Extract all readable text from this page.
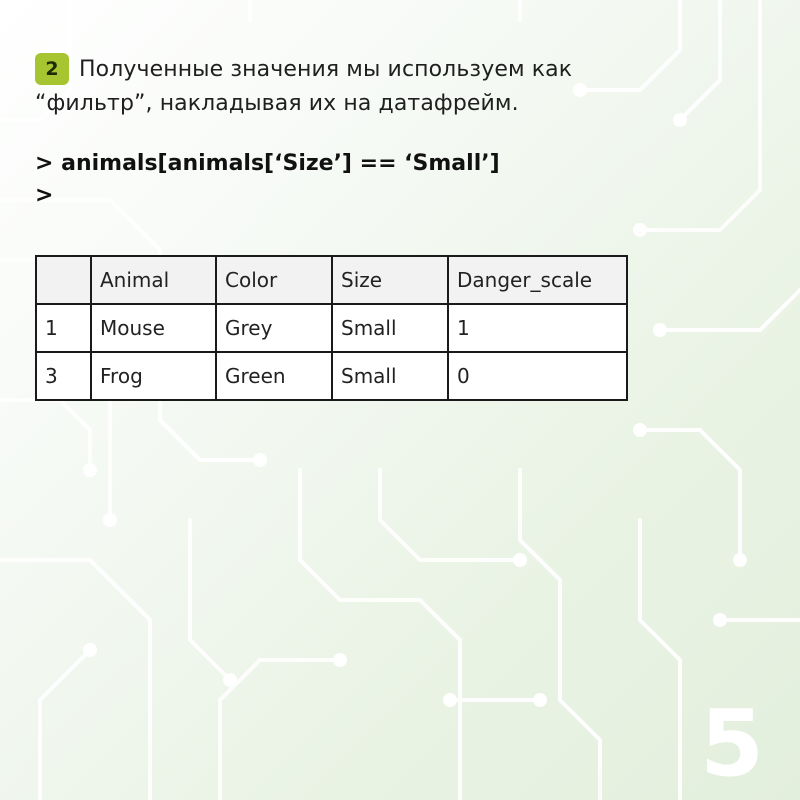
2 Полученные значения мы используем как
“фильтр”, накладывая их на датафрейм.
> animals[animals[‘Size’] == ‘Small’]
>
	Animal	Color	Size	Danger_scale
1	Mouse	Grey	Small	1
3	Frog	Green	Small	0
5
